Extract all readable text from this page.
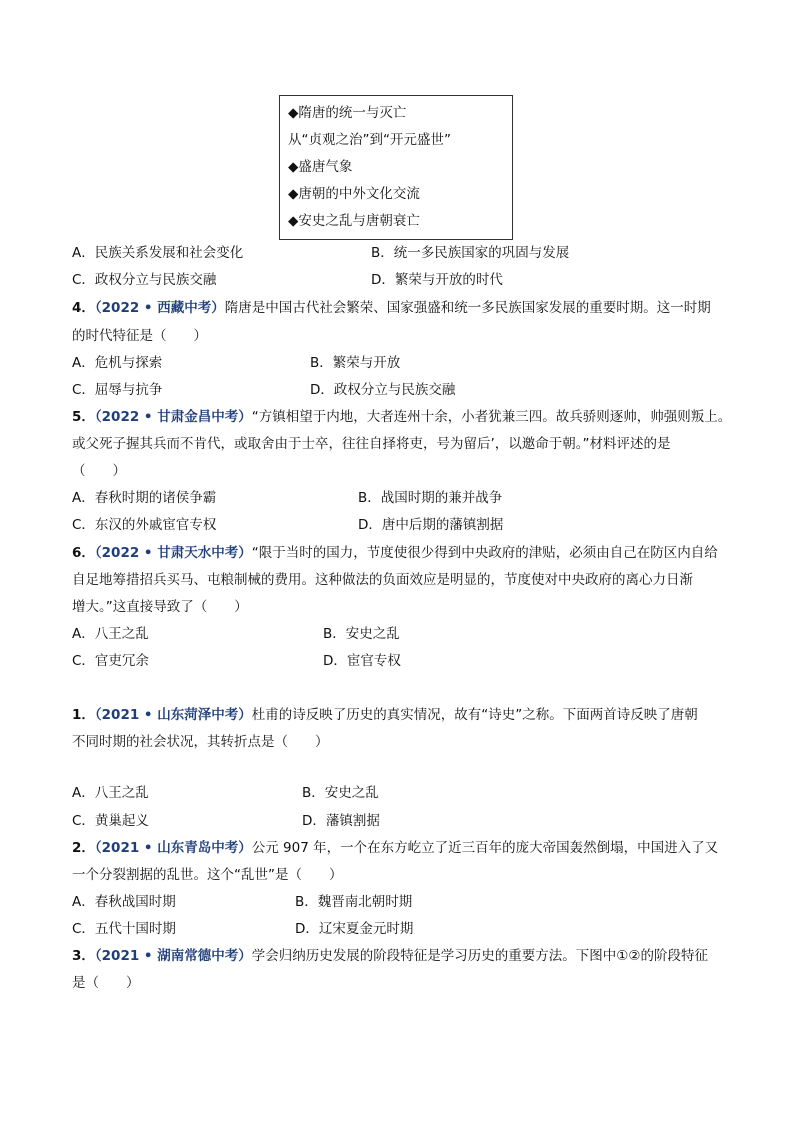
◆隋唐的统一与灭亡
从“贞观之治”到“开元盛世”
◆盛唐气象
◆唐朝的中外文化交流
◆安史之乱与唐朝衰亡
A．民族关系发展和社会变化	B．统一多民族国家的巩固与发展
C．政权分立与民族交融	D．繁荣与开放的时代
4．（2022 • 西藏中考）隋唐是中国古代社会繁荣、国家强盛和统一多民族国家发展的重要时期。这一时期
的时代特征是（　　）
A．危机与探索	B．繁荣与开放
C．屈辱与抗争	D．政权分立与民族交融
5．（2022 • 甘肃金昌中考）“方镇相望于内地，大者连州十余，小者犹兼三四。故兵骄则逐帅，帅强则叛上。
或父死子握其兵而不肯代，或取舍由于士卒，往往自择将吏，号为留后’，以邀命于朝。”材料评述的是
（　　）
A．春秋时期的诸侯争霸	B．战国时期的兼并战争
C．东汉的外戚宦官专权	D．唐中后期的藩镇割据
6．（2022 • 甘肃天水中考）“限于当时的国力，节度使很少得到中央政府的津贴，必须由自己在防区内自给
自足地筹措招兵买马、屯粮制械的费用。这种做法的负面效应是明显的，节度使对中央政府的离心力日渐
增大。”这直接导致了（　　）
A．八王之乱	B．安史之乱
C．官吏冗余	D．宦官专权
1．（2021 • 山东菏泽中考）杜甫的诗反映了历史的真实情况，故有“诗史”之称。下面两首诗反映了唐朝
不同时期的社会状况，其转折点是（　　）
A．八王之乱	B．安史之乱
C．黄巢起义	D．藩镇割据
2．（2021 • 山东青岛中考）公元 907 年，一个在东方屹立了近三百年的庞大帝国轰然倒塌，中国进入了又
一个分裂割据的乱世。这个“乱世”是（　　）
A．春秋战国时期	B．魏晋南北朝时期
C．五代十国时期	D．辽宋夏金元时期
3．（2021 • 湖南常德中考）学会归纳历史发展的阶段特征是学习历史的重要方法。下图中①②的阶段特征
是（　　）
